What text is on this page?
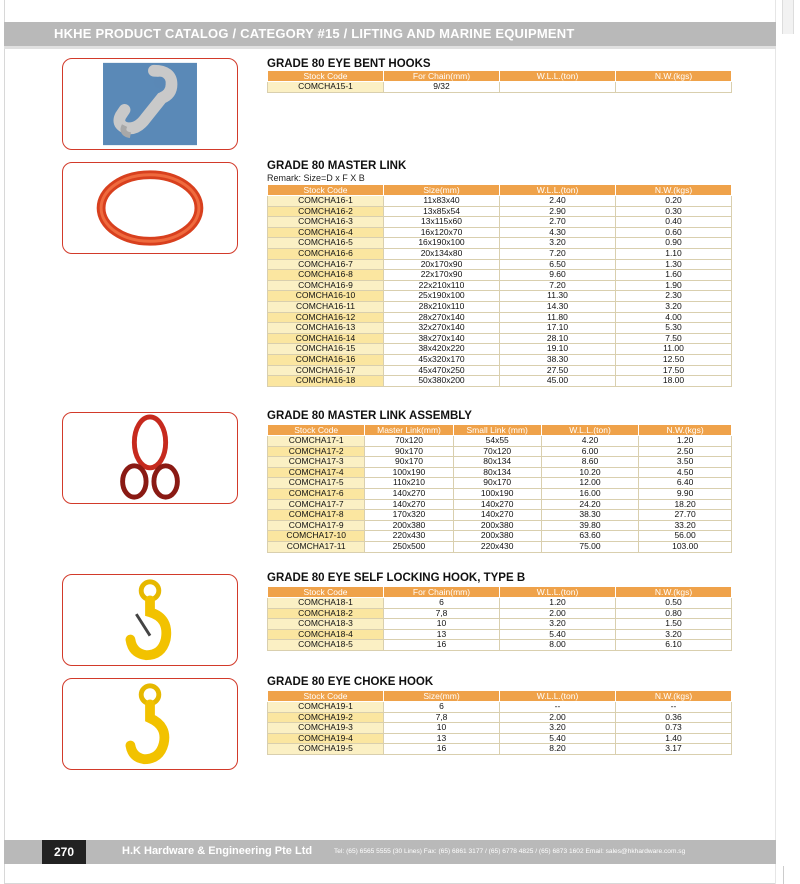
HKHE PRODUCT CATALOG / CATEGORY #15 / LIFTING AND MARINE EQUIPMENT
GRADE 80 EYE BENT HOOKS
Stock Code	For Chain(mm)	W.L.L.(ton)	N.W.(kgs)
COMCHA15-1	9/32		
GRADE 80 MASTER LINK
Remark: Size=D x F X B
Stock Code	Size(mm)	W.L.L.(ton)	N.W.(kgs)
COMCHA16-1	11x83x40	2.40	0.20
COMCHA16-2	13x85x54	2.90	0.30
COMCHA16-3	13x115x60	2.70	0.40
COMCHA16-4	16x120x70	4.30	0.60
COMCHA16-5	16x190x100	3.20	0.90
COMCHA16-6	20x134x80	7.20	1.10
COMCHA16-7	20x170x90	6.50	1.30
COMCHA16-8	22x170x90	9.60	1.60
COMCHA16-9	22x210x110	7.20	1.90
COMCHA16-10	25x190x100	11.30	2.30
COMCHA16-11	28x210x110	14.30	3.20
COMCHA16-12	28x270x140	11.80	4.00
COMCHA16-13	32x270x140	17.10	5.30
COMCHA16-14	38x270x140	28.10	7.50
COMCHA16-15	38x420x220	19.10	11.00
COMCHA16-16	45x320x170	38.30	12.50
COMCHA16-17	45x470x250	27.50	17.50
COMCHA16-18	50x380x200	45.00	18.00
GRADE 80 MASTER LINK ASSEMBLY
Stock Code	Master Link(mm)	Small Link (mm)	W.L.L.(ton)	N.W.(kgs)
COMCHA17-1	70x120	54x55	4.20	1.20
COMCHA17-2	90x170	70x120	6.00	2.50
COMCHA17-3	90x170	80x134	8.60	3.50
COMCHA17-4	100x190	80x134	10.20	4.50
COMCHA17-5	110x210	90x170	12.00	6.40
COMCHA17-6	140x270	100x190	16.00	9.90
COMCHA17-7	140x270	140x270	24.20	18.20
COMCHA17-8	170x320	140x270	38.30	27.70
COMCHA17-9	200x380	200x380	39.80	33.20
COMCHA17-10	220x430	200x380	63.60	56.00
COMCHA17-11	250x500	220x430	75.00	103.00
GRADE 80 EYE SELF LOCKING HOOK, TYPE B
Stock Code	For Chain(mm)	W.L.L.(ton)	N.W.(kgs)
COMCHA18-1	6	1.20	0.50
COMCHA18-2	7,8	2.00	0.80
COMCHA18-3	10	3.20	1.50
COMCHA18-4	13	5.40	3.20
COMCHA18-5	16	8.00	6.10
GRADE 80 EYE CHOKE HOOK
Stock Code	Size(mm)	W.L.L.(ton)	N.W.(kgs)
COMCHA19-1	6	--	--
COMCHA19-2	7,8	2.00	0.36
COMCHA19-3	10	3.20	0.73
COMCHA19-4	13	5.40	1.40
COMCHA19-5	16	8.20	3.17
270	H.K Hardware & Engineering Pte Ltd	Tel: (65) 6565 5555 (30 Lines) Fax: (65) 6861 3177 / (65) 6778 4825 / (65) 6873 1602 Email: sales@hkhardware.com.sg
